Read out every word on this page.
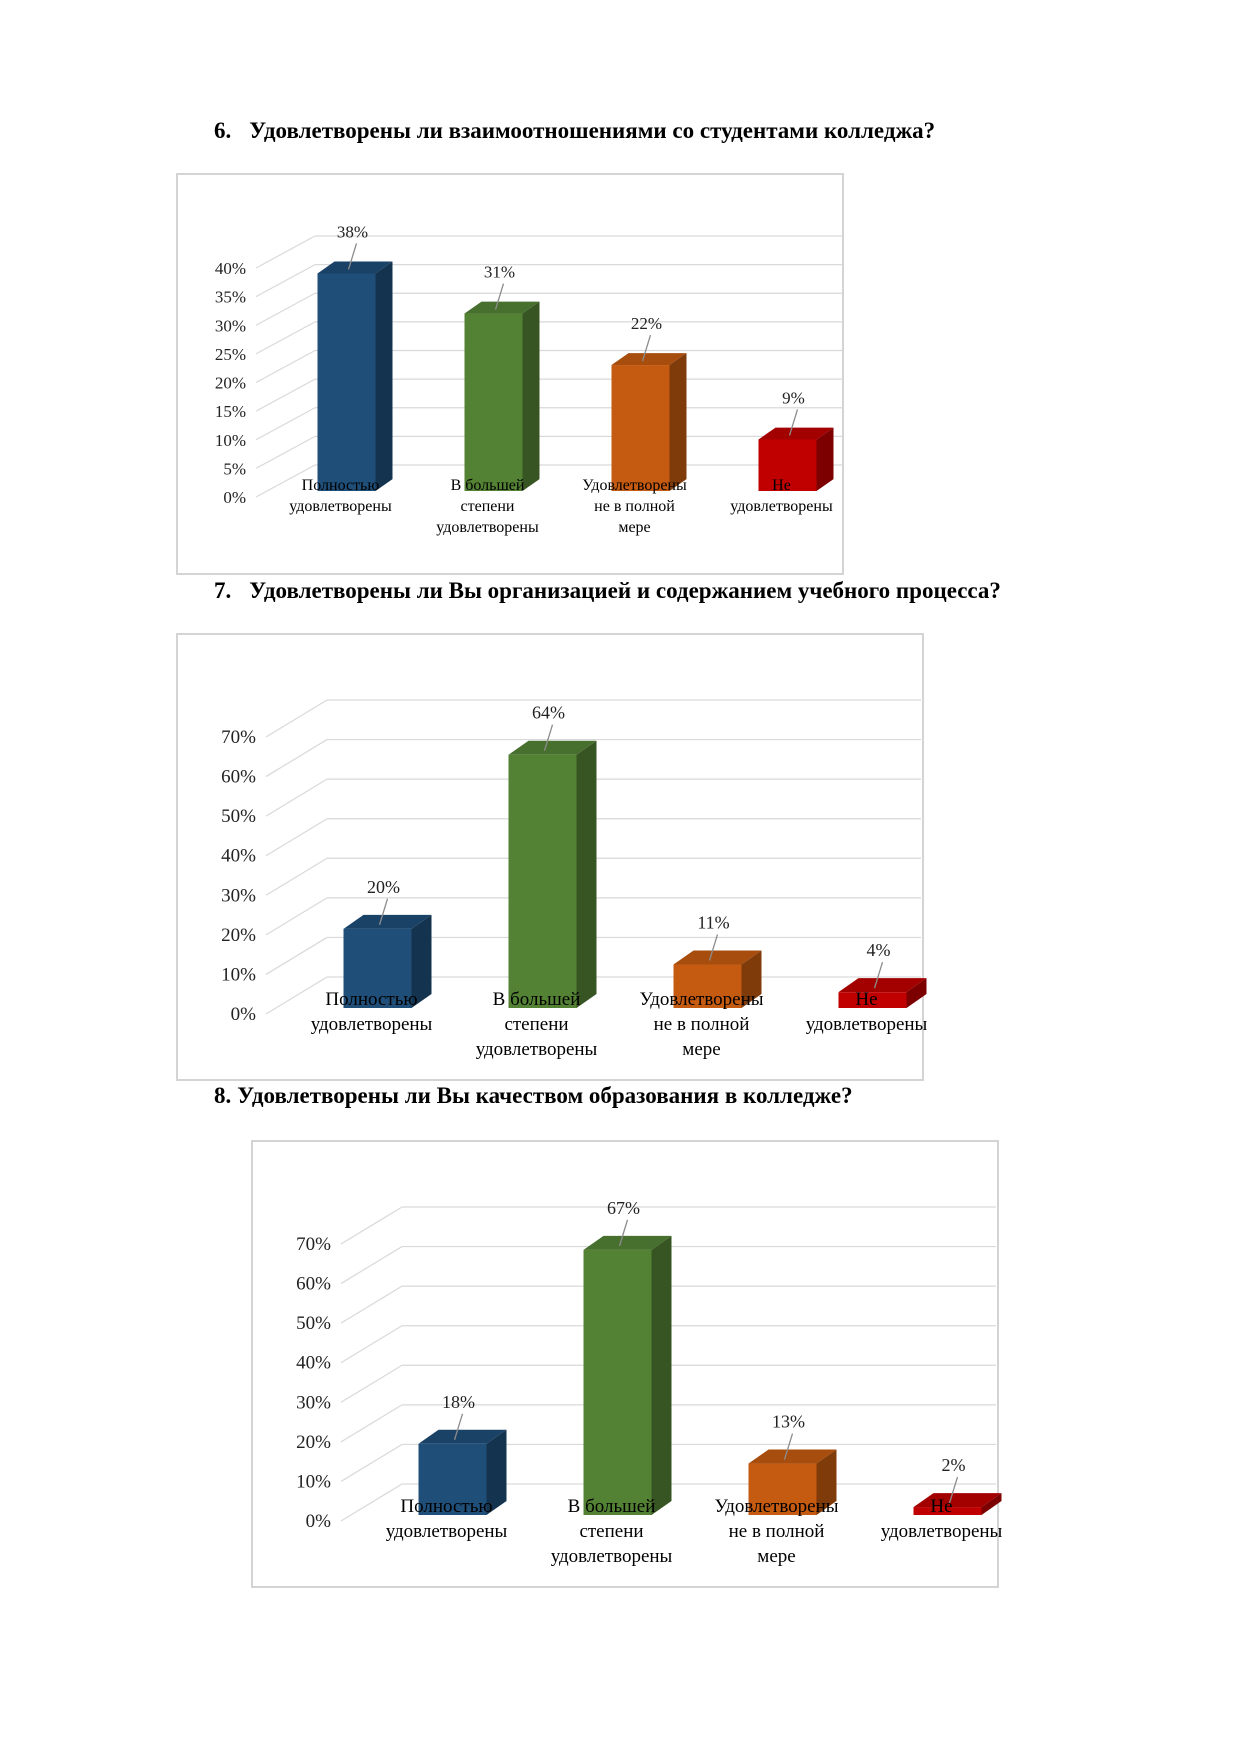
6. Удовлетворены ли взаимоотношениями со студентами колледжа?
7. Удовлетворены ли Вы организацией и содержанием учебного процесса?
8. Удовлетворены ли Вы качеством образования в колледже?
0%
5%
10%
15%
20%
25%
30%
35%
40%
38%
31%
22%
9%
Полностью
удовлетворены
В большей
степени
удовлетворены
Удовлетворены
не в полной
мере
Не
удовлетворены
0%
10%
20%
30%
40%
50%
60%
70%
20%
64%
11%
4%
Полностью
удовлетворены
В большей
степени
удовлетворены
Удовлетворены
не в полной
мере
Не
удовлетворены
0%
10%
20%
30%
40%
50%
60%
70%
18%
67%
13%
2%
Полностью
удовлетворены
В большей
степени
удовлетворены
Удовлетворены
не в полной
мере
Не
удовлетворены
